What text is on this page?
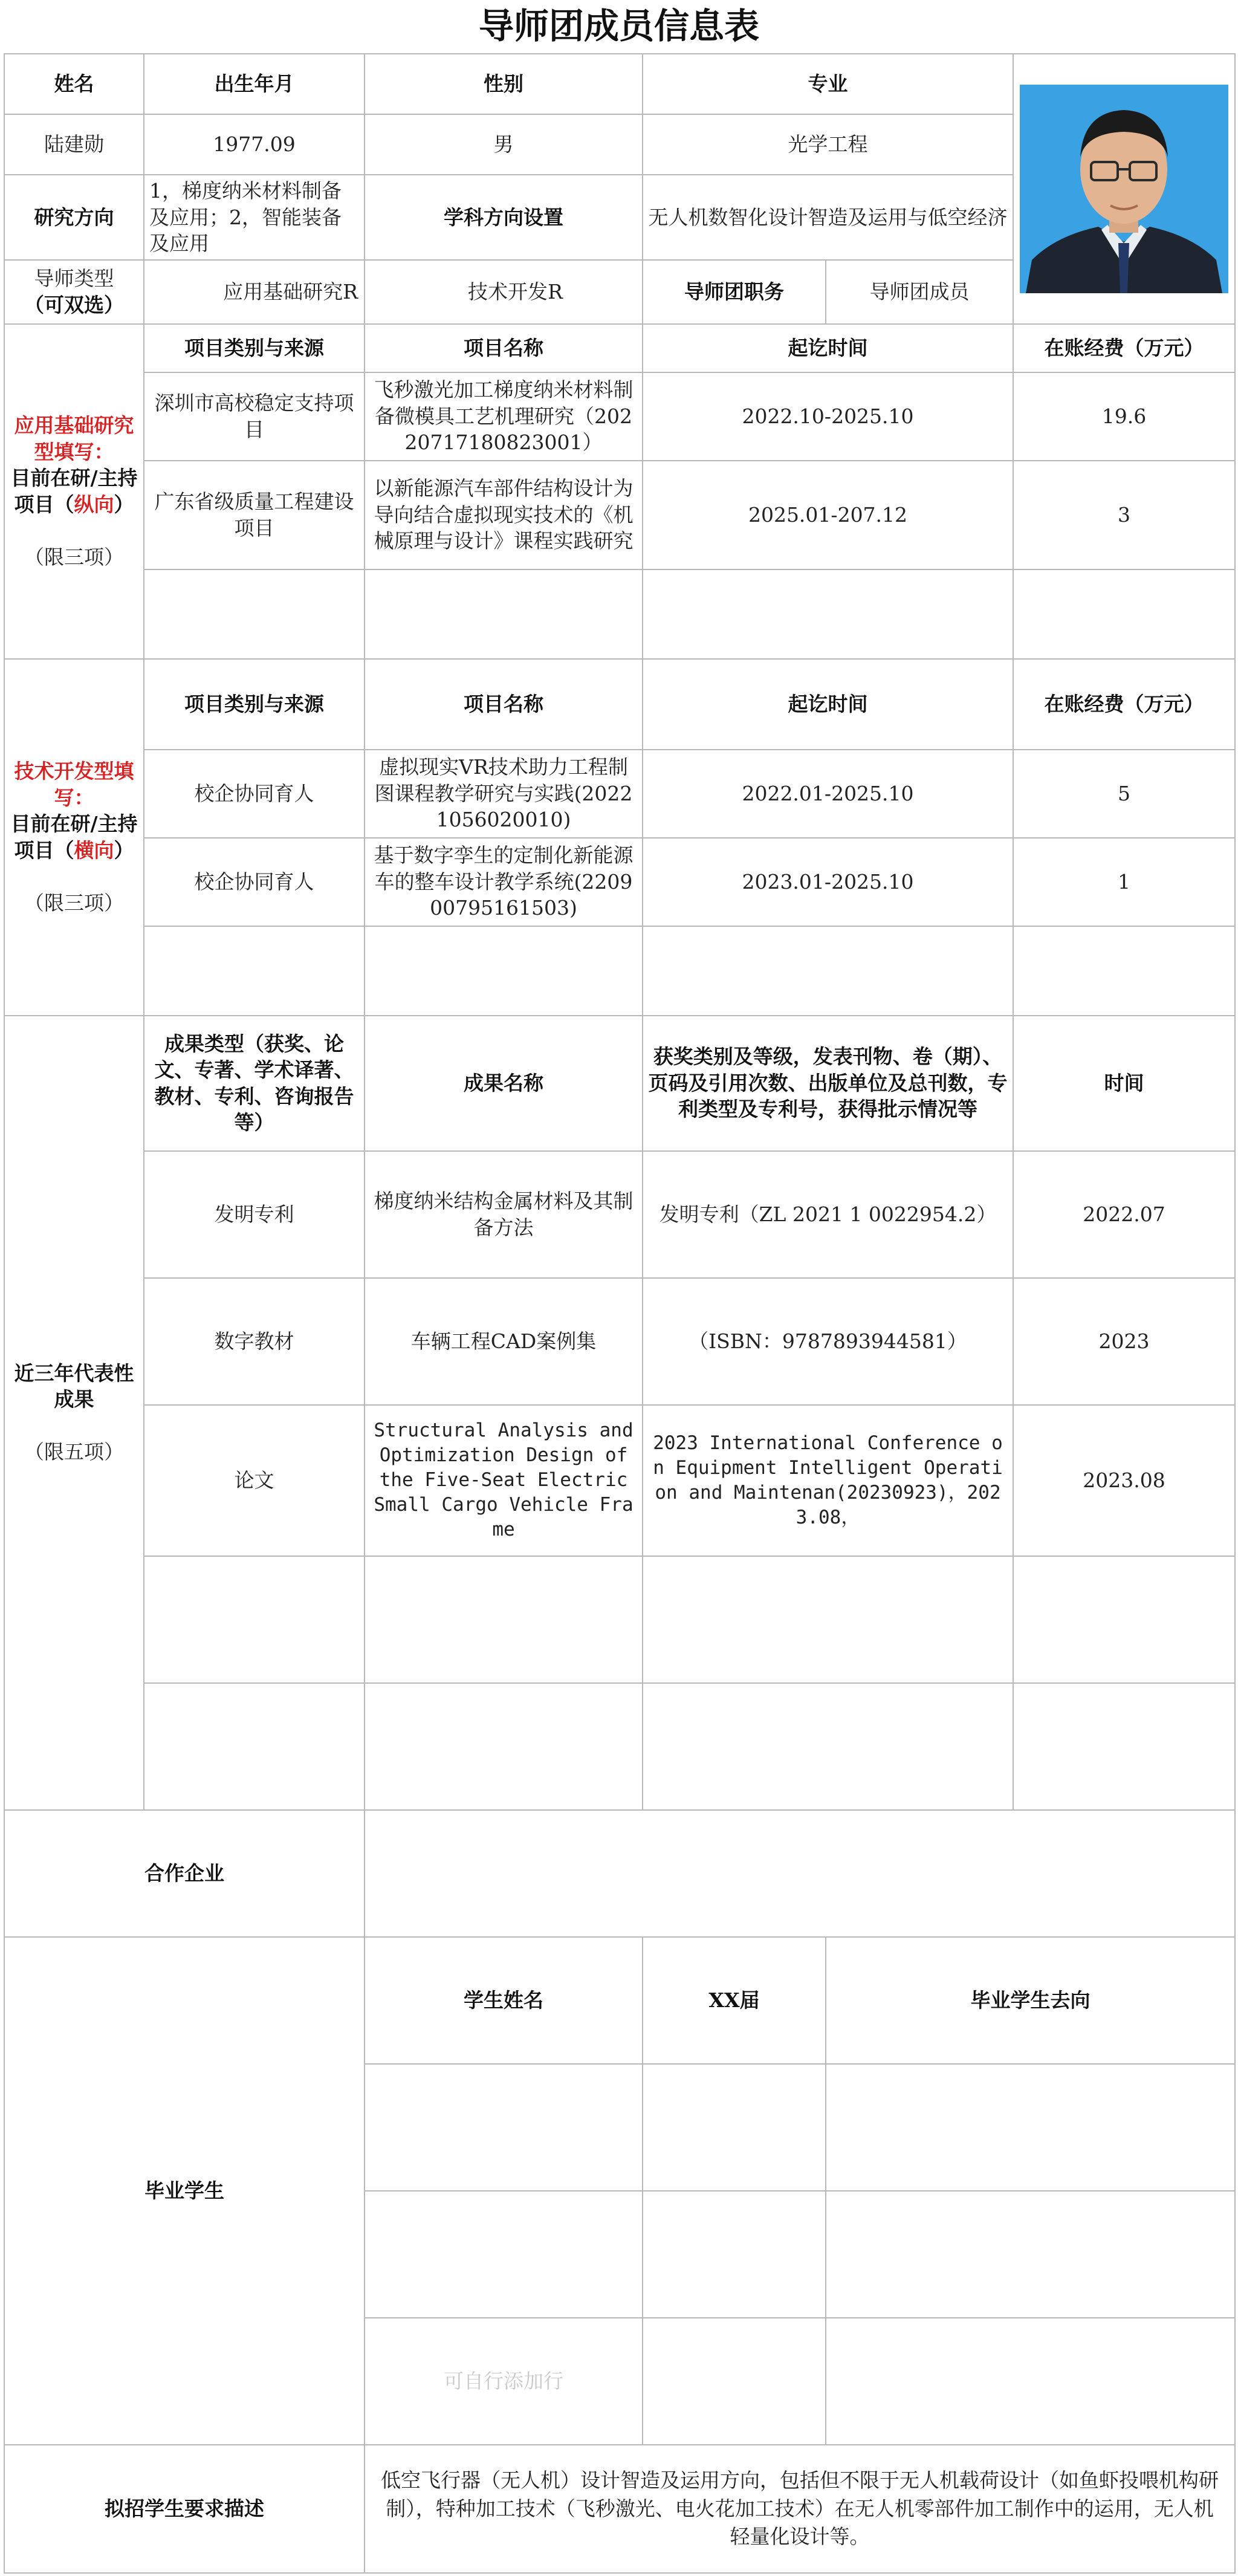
导师团成员信息表
姓名	出生年月	性别	专业	

陆建勋	1977.09	男	光学工程		
研究方向	1，梯度纳米材料制备及应用；2，智能装备及应用	学科方向设置	无人机数智化设计智造及运用与低空经济		
导师类型
（可双选）	应用基础研究R	技术开发R	导师团职务	导师团成员	
应用基础研究型填写：
目前在研/主持项目（纵向）

（限三项）	项目类别与来源	项目名称	起讫时间		在账经费（万元）
	深圳市高校稳定支持项目	飞秒激光加工梯度纳米材料制备微模具工艺机理研究（20220717180823001）	2022.10-2025.10		19.6
	广东省级质量工程建设项目	以新能源汽车部件结构设计为导向结合虚拟现实技术的《机械原理与设计》课程实践研究	2025.01-207.12		3

技术开发型填写：
目前在研/主持项目（横向）

（限三项）	项目类别与来源	项目名称	起讫时间		在账经费（万元）
	校企协同育人	虚拟现实VR技术助力工程制图课程教学研究与实践(20221056020010)	2022.01-2025.10		5
	校企协同育人	基于数字孪生的定制化新能源车的整车设计教学系统(220900795161503)	2023.01-2025.10		1

近三年代表性成果

（限五项）	成果类型（获奖、论文、专著、学术译著、教材、专利、咨询报告等）	成果名称	获奖类别及等级，发表刊物、卷（期）、页码及引用次数、出版单位及总刊数，专利类型及专利号，获得批示情况等		时间
	发明专利	梯度纳米结构金属材料及其制备方法	发明专利（ZL 2021 1 0022954.2）		2022.07
	数字教材	车辆工程CAD案例集	（ISBN：9787893944581）		2023
	论文	Structural Analysis and Optimization Design of the Five-Seat Electric Small Cargo Vehicle Frame	2023 International Conference on Equipment Intelligent Operation and Maintenan(20230923)，2023.08，		2023.08

合作企业					
毕业学生		学生姓名	XX届	毕业学生去向	

		可自行添加行			
拟招学生要求描述		低空飞行器（无人机）设计智造及运用方向，包括但不限于无人机载荷设计（如鱼虾投喂机构研制），特种加工技术（飞秒激光、电火花加工技术）在无人机零部件加工制作中的运用，无人机轻量化设计等。			
